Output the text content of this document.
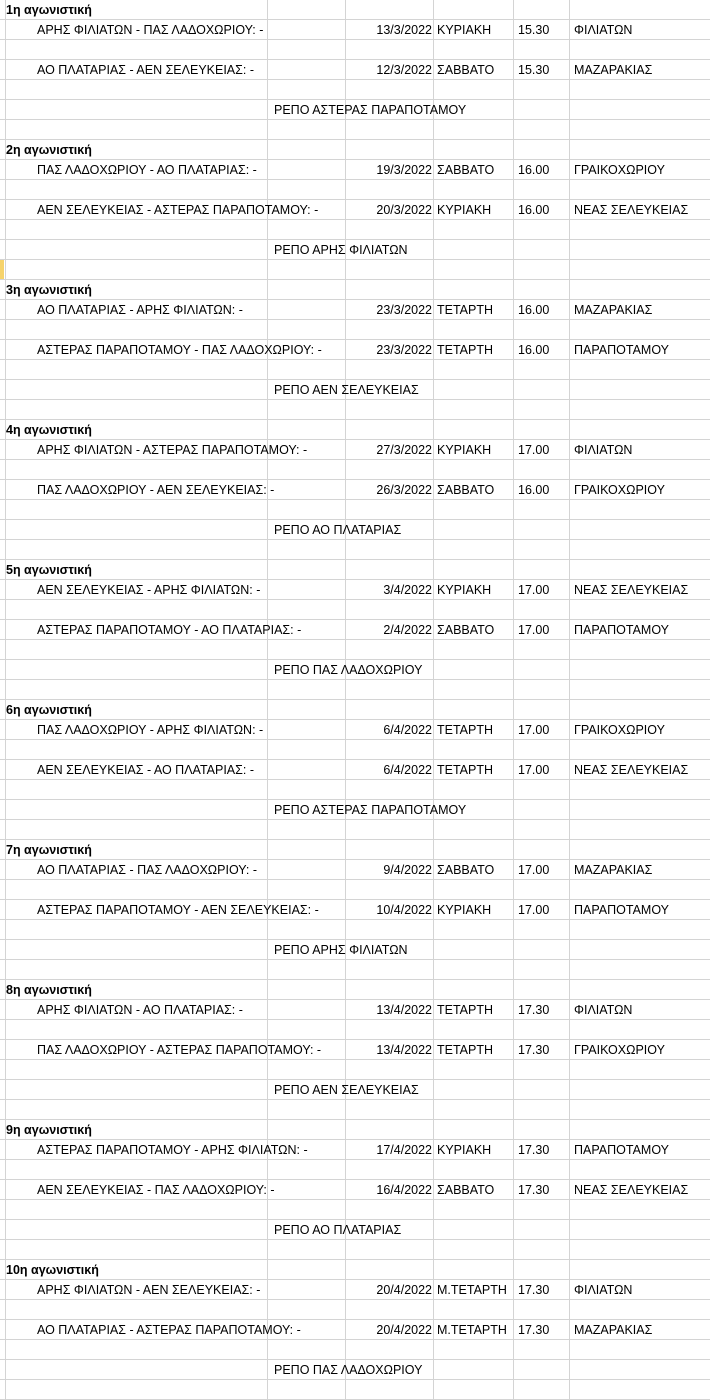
1η αγωνιστική
ΑΡΗΣ ΦΙΛΙΑΤΩΝ - ΠΑΣ ΛΑΔΟΧΩΡΙΟΥ: -	13/3/2022 ΚΥΡΙΑΚΗ 15.30 ΦΙΛΙΑΤΩΝ
ΑΟ ΠΛΑΤΑΡΙΑΣ - ΑΕΝ ΣΕΛΕΥΚΕΙΑΣ: -	12/3/2022 ΣΑΒΒΑΤΟ 15.30 ΜΑΖΑΡΑΚΙΑΣ
ΡΕΠΟ ΑΣΤΕΡΑΣ ΠΑΡΑΠΟΤΑΜΟΥ
2η αγωνιστική
ΠΑΣ ΛΑΔΟΧΩΡΙΟΥ - ΑΟ ΠΛΑΤΑΡΙΑΣ: -	19/3/2022 ΣΑΒΒΑΤΟ 16.00 ΓΡΑΙΚΟΧΩΡΙΟΥ
ΑΕΝ ΣΕΛΕΥΚΕΙΑΣ - ΑΣΤΕΡΑΣ ΠΑΡΑΠΟΤΑΜΟΥ: -	20/3/2022 ΚΥΡΙΑΚΗ 16.00 ΝΕΑΣ ΣΕΛΕΥΚΕΙΑΣ
ΡΕΠΟ ΑΡΗΣ ΦΙΛΙΑΤΩΝ
3η αγωνιστική
ΑΟ ΠΛΑΤΑΡΙΑΣ - ΑΡΗΣ ΦΙΛΙΑΤΩΝ: -	23/3/2022 ΤΕΤΑΡΤΗ 16.00 ΜΑΖΑΡΑΚΙΑΣ
ΑΣΤΕΡΑΣ ΠΑΡΑΠΟΤΑΜΟΥ - ΠΑΣ ΛΑΔΟΧΩΡΙΟΥ: -	23/3/2022 ΤΕΤΑΡΤΗ 16.00 ΠΑΡΑΠΟΤΑΜΟΥ
ΡΕΠΟ ΑΕΝ ΣΕΛΕΥΚΕΙΑΣ
4η αγωνιστική
ΑΡΗΣ ΦΙΛΙΑΤΩΝ - ΑΣΤΕΡΑΣ ΠΑΡΑΠΟΤΑΜΟΥ: -	27/3/2022 ΚΥΡΙΑΚΗ 17.00 ΦΙΛΙΑΤΩΝ
ΠΑΣ ΛΑΔΟΧΩΡΙΟΥ - ΑΕΝ ΣΕΛΕΥΚΕΙΑΣ: -	26/3/2022 ΣΑΒΒΑΤΟ 16.00 ΓΡΑΙΚΟΧΩΡΙΟΥ
ΡΕΠΟ ΑΟ ΠΛΑΤΑΡΙΑΣ
5η αγωνιστική
ΑΕΝ ΣΕΛΕΥΚΕΙΑΣ - ΑΡΗΣ ΦΙΛΙΑΤΩΝ: -	3/4/2022 ΚΥΡΙΑΚΗ 17.00 ΝΕΑΣ ΣΕΛΕΥΚΕΙΑΣ
ΑΣΤΕΡΑΣ ΠΑΡΑΠΟΤΑΜΟΥ - ΑΟ ΠΛΑΤΑΡΙΑΣ: -	2/4/2022 ΣΑΒΒΑΤΟ 17.00 ΠΑΡΑΠΟΤΑΜΟΥ
ΡΕΠΟ ΠΑΣ ΛΑΔΟΧΩΡΙΟΥ
6η αγωνιστική
ΠΑΣ ΛΑΔΟΧΩΡΙΟΥ - ΑΡΗΣ ΦΙΛΙΑΤΩΝ: -	6/4/2022 ΤΕΤΑΡΤΗ 17.00 ΓΡΑΙΚΟΧΩΡΙΟΥ
ΑΕΝ ΣΕΛΕΥΚΕΙΑΣ - ΑΟ ΠΛΑΤΑΡΙΑΣ: -	6/4/2022 ΤΕΤΑΡΤΗ 17.00 ΝΕΑΣ ΣΕΛΕΥΚΕΙΑΣ
ΡΕΠΟ ΑΣΤΕΡΑΣ ΠΑΡΑΠΟΤΑΜΟΥ
7η αγωνιστική
ΑΟ ΠΛΑΤΑΡΙΑΣ - ΠΑΣ ΛΑΔΟΧΩΡΙΟΥ: -	9/4/2022 ΣΑΒΒΑΤΟ 17.00 ΜΑΖΑΡΑΚΙΑΣ
ΑΣΤΕΡΑΣ ΠΑΡΑΠΟΤΑΜΟΥ - ΑΕΝ ΣΕΛΕΥΚΕΙΑΣ: -	10/4/2022 ΚΥΡΙΑΚΗ 17.00 ΠΑΡΑΠΟΤΑΜΟΥ
ΡΕΠΟ ΑΡΗΣ ΦΙΛΙΑΤΩΝ
8η αγωνιστική
ΑΡΗΣ ΦΙΛΙΑΤΩΝ - ΑΟ ΠΛΑΤΑΡΙΑΣ: -	13/4/2022 ΤΕΤΑΡΤΗ 17.30 ΦΙΛΙΑΤΩΝ
ΠΑΣ ΛΑΔΟΧΩΡΙΟΥ - ΑΣΤΕΡΑΣ ΠΑΡΑΠΟΤΑΜΟΥ: -	13/4/2022 ΤΕΤΑΡΤΗ 17.30 ΓΡΑΙΚΟΧΩΡΙΟΥ
ΡΕΠΟ ΑΕΝ ΣΕΛΕΥΚΕΙΑΣ
9η αγωνιστική
ΑΣΤΕΡΑΣ ΠΑΡΑΠΟΤΑΜΟΥ - ΑΡΗΣ ΦΙΛΙΑΤΩΝ: -	17/4/2022 ΚΥΡΙΑΚΗ 17.30 ΠΑΡΑΠΟΤΑΜΟΥ
ΑΕΝ ΣΕΛΕΥΚΕΙΑΣ - ΠΑΣ ΛΑΔΟΧΩΡΙΟΥ: -	16/4/2022 ΣΑΒΒΑΤΟ 17.30 ΝΕΑΣ ΣΕΛΕΥΚΕΙΑΣ
ΡΕΠΟ ΑΟ ΠΛΑΤΑΡΙΑΣ
10η αγωνιστική
ΑΡΗΣ ΦΙΛΙΑΤΩΝ - ΑΕΝ ΣΕΛΕΥΚΕΙΑΣ: -	20/4/2022 Μ.ΤΕΤΑΡΤΗ 17.30 ΦΙΛΙΑΤΩΝ
ΑΟ ΠΛΑΤΑΡΙΑΣ - ΑΣΤΕΡΑΣ ΠΑΡΑΠΟΤΑΜΟΥ: -	20/4/2022 Μ.ΤΕΤΑΡΤΗ 17.30 ΜΑΖΑΡΑΚΙΑΣ
ΡΕΠΟ ΠΑΣ ΛΑΔΟΧΩΡΙΟΥ
